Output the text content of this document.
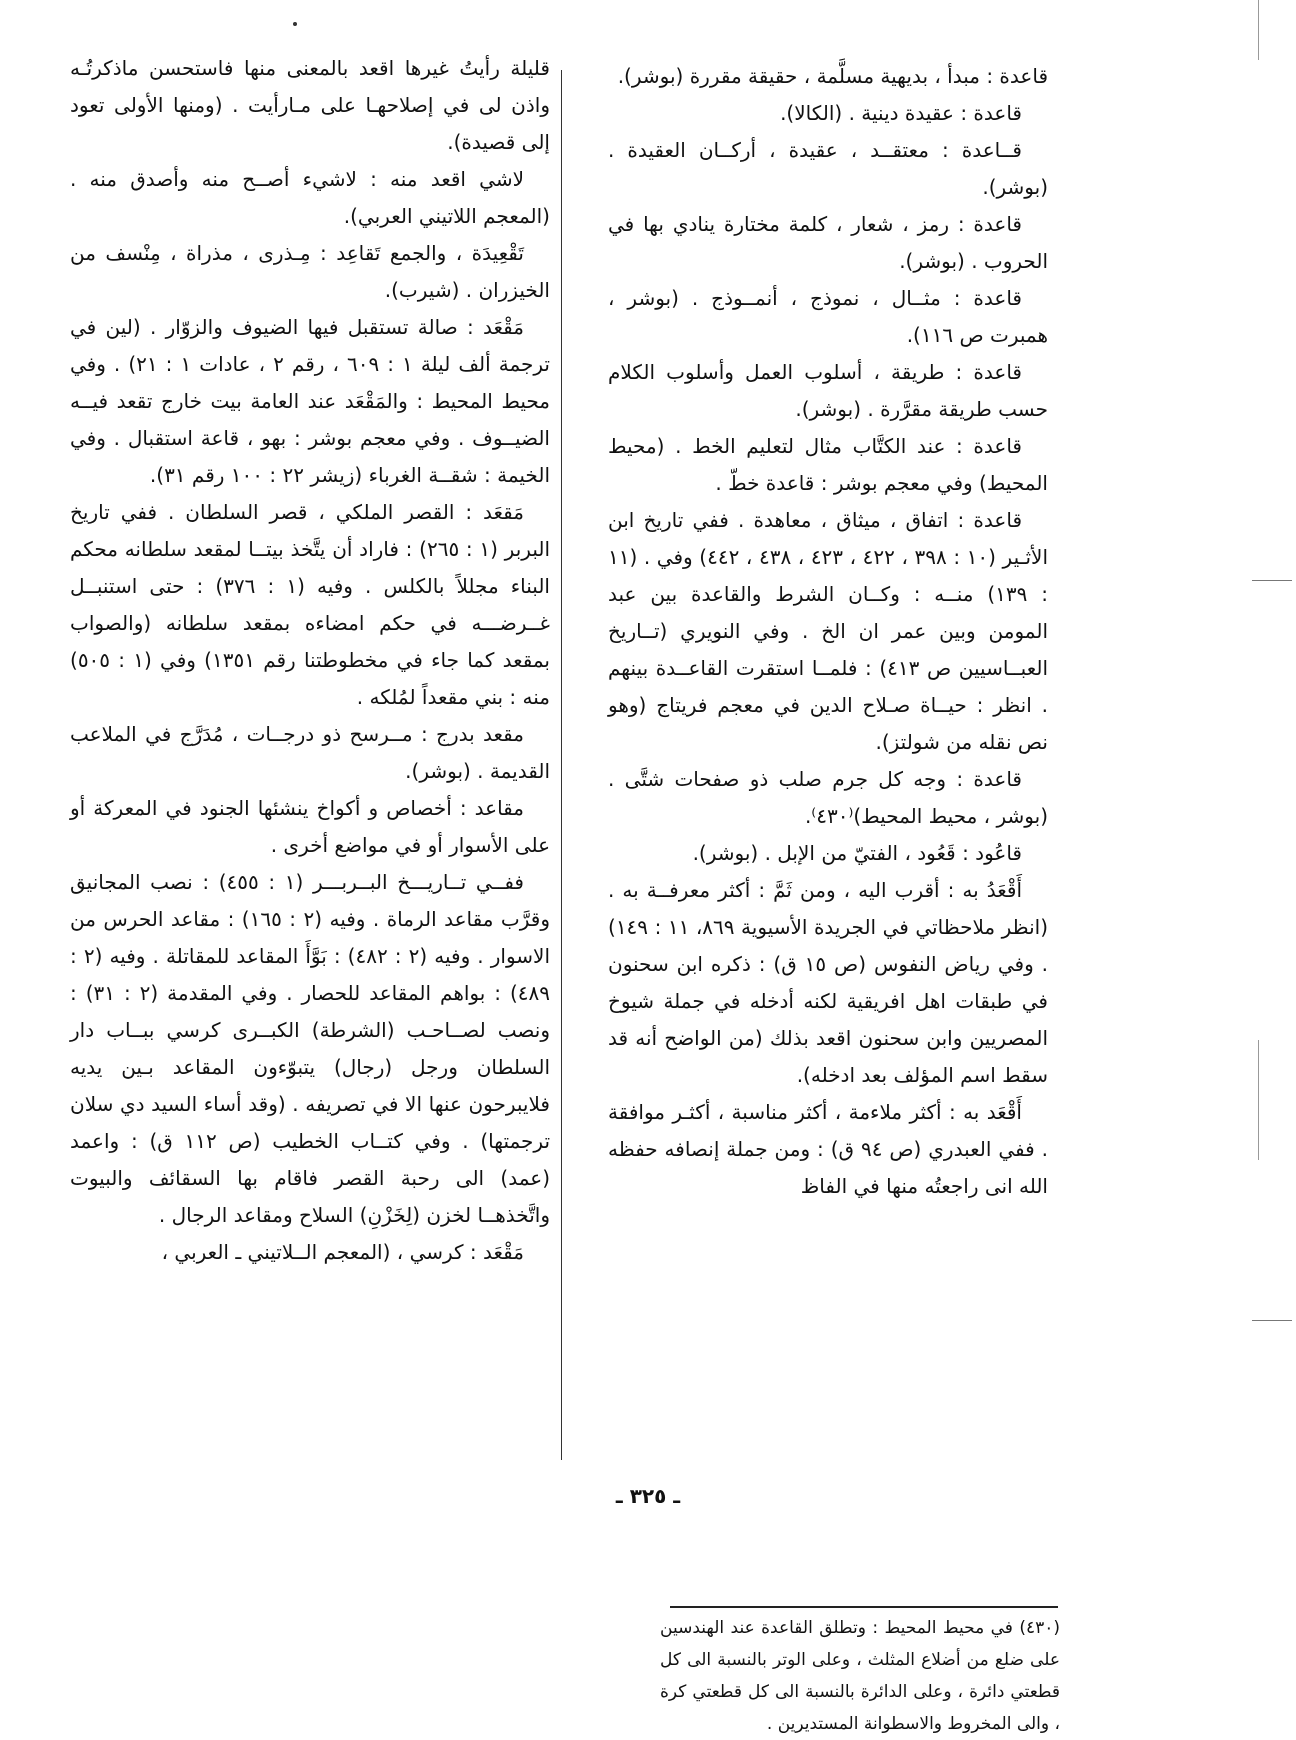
قاعدة : مبدأ ، بديهية مسلَّمة ، حقيقة مقررة (بوشر).

قاعدة : عقيدة دينية . (الكالا).

قــاعدة : معتقــد ، عقيدة ، أركــان العقيدة . (بوشر).

قاعدة : رمز ، شعار ، كلمة مختارة ينادي بها في الحروب . (بوشر).

قاعدة : مثــال ، نموذج ، أنمــوذج . (بوشر ، همبرت ص ١١٦).

قاعدة : طريقة ، أسلوب العمل وأسلوب الكلام حسب طريقة مقرَّرة . (بوشر).

قاعدة : عند الكتَّاب مثال لتعليم الخط . (محيط المحيط) وفي معجم بوشر : قاعدة خطّ .

قاعدة : اتفاق ، ميثاق ، معاهدة . ففي تاريخ ابن الأثـير (١٠ : ٣٩٨ ، ٤٢٢ ، ٤٢٣ ، ٤٣٨ ، ٤٤٢) وفي . (١١ : ١٣٩) منــه : وكــان الشرط والقاعدة بين عبد المومن وبين عمر ان الخ . وفي النويري (تــاريخ العبــاسيين ص ٤١٣) : فلمــا استقرت القاعــدة بينهم . انظر : حيــاة صـلاح الدين في معجم فريتاج (وهو نص نقله من شولتز).

قاعدة : وجه كل جرم صلب ذو صفحات شتَّى . (بوشر ، محيط المحيط)⁽٤٣٠⁾.

قاعُود : قَعُود ، الفتيّ من الإبل . (بوشر).

أَقْعَدُ به : أقرب اليه ، ومن ثَمَّ : أكثر معرفــة به . (انظر ملاحظاتي في الجريدة الأسيوية ٨٦٩، ١١ : ١٤٩) . وفي رياض النفوس (ص ١٥ ق) : ذكره ابن سحنون في طبقات اهل افريقية لكنه أدخله في جملة شيوخ المصريين وابن سحنون اقعد بذلك (من الواضح أنه قد سقط اسم المؤلف بعد ادخله).

أَقْعَد به : أكثر ملاءمة ، أكثر مناسبة ، أكثـر موافقة . ففي العبدري (ص ٩٤ ق) : ومن جملة إنصافه حفظه الله انى راجعتُه منها في الفاظ

قليلة رأيتُ غيرها اقعد بالمعنى منها فاستحسن ماذكرتُـه واذن لى في إصلاحهـا على مـارأيت . (ومنها الأولى تعود إلى قصيدة).

لاشي اقعد منه : لاشيء أصــح منه وأصدق منه . (المعجم اللاتيني العربي).

تَقْعِيدَة ، والجمع تَقاعِد : مِـذرى ، مذراة ، مِنْسف من الخيزران . (شيرب).

مَقْعَد : صالة تستقبل فيها الضيوف والزوّار . (لين في ترجمة ألف ليلة ١ : ٦٠٩ ، رقم ٢ ، عادات ١ : ٢١) . وفي محيط المحيط : والمَقْعَد عند العامة بيت خارج تقعد فيــه الضيــوف . وفي معجم بوشر : بهو ، قاعة استقبال . وفي الخيمة : شقــة الغرباء (زيشر ٢٢ : ١٠٠ رقم ٣١).

مَقعَد : القصر الملكي ، قصر السلطان . ففي تاريخ البربر (١ : ٢٦٥) : فاراد أن يتَّخذ بيتــا لمقعد سلطانه محكم البناء مجللاً بالكلس . وفيه (١ : ٣٧٦) : حتى استنبــل غــرضـــه في حكم امضاءه بمقعد سلطانه (والصواب بمقعد كما جاء في مخطوطتنا رقم ١٣٥١) وفي (١ : ٥٠٥) منه : بني مقعداً لمُلكه .

مقعد بدرج : مــرسح ذو درجــات ، مُدَرَّج في الملاعب القديمة . (بوشر).

مقاعد : أخصاص و أكواخ ينشئها الجنود في المعركة أو على الأسوار أو في مواضع أخرى .

ففــي تــاريـــخ البــربـــر (١ : ٤٥٥) : نصب المجانيق وقرَّب مقاعد الرماة . وفيه (٢ : ١٦٥) : مقاعد الحرس من الاسوار . وفيه (٢ : ٤٨٢) : بَوَّأَ المقاعد للمقاتلة . وفيه (٢ : ٤٨٩) : بواهم المقاعد للحصار . وفي المقدمة (٢ : ٣١) : ونصب لصــاحـب (الشرطة) الكبــرى كرسي ببــاب دار السلطان ورجل (رجال) يتبوّءون المقاعد بـين يديه فلايبرحون عنها الا في تصريفه . (وقد أساء السيد دي سلان ترجمتها) . وفي كتــاب الخطيب (ص ١١٢ ق) : واعمد (عمد) الى رحبة القصر فاقام بها السقائف والبيوت واتَّخذهــا لخزن (لِخَزْنِ) السلاح ومقاعد الرجال .

مَقْعَد : كرسي ، (المعجم الــلاتيني ـ العربي ،

(٤٣٠) في محيط المحيط : وتطلق القاعدة عند الهندسين على ضلع من أضلاع المثلث ، وعلى الوتر بالنسبة الى كل قطعتي دائرة ، وعلى الدائرة بالنسبة الى كل قطعتي كرة ، والى المخروط والاسطوانة المستديرين .
ـ ٣٢٥ ـ
